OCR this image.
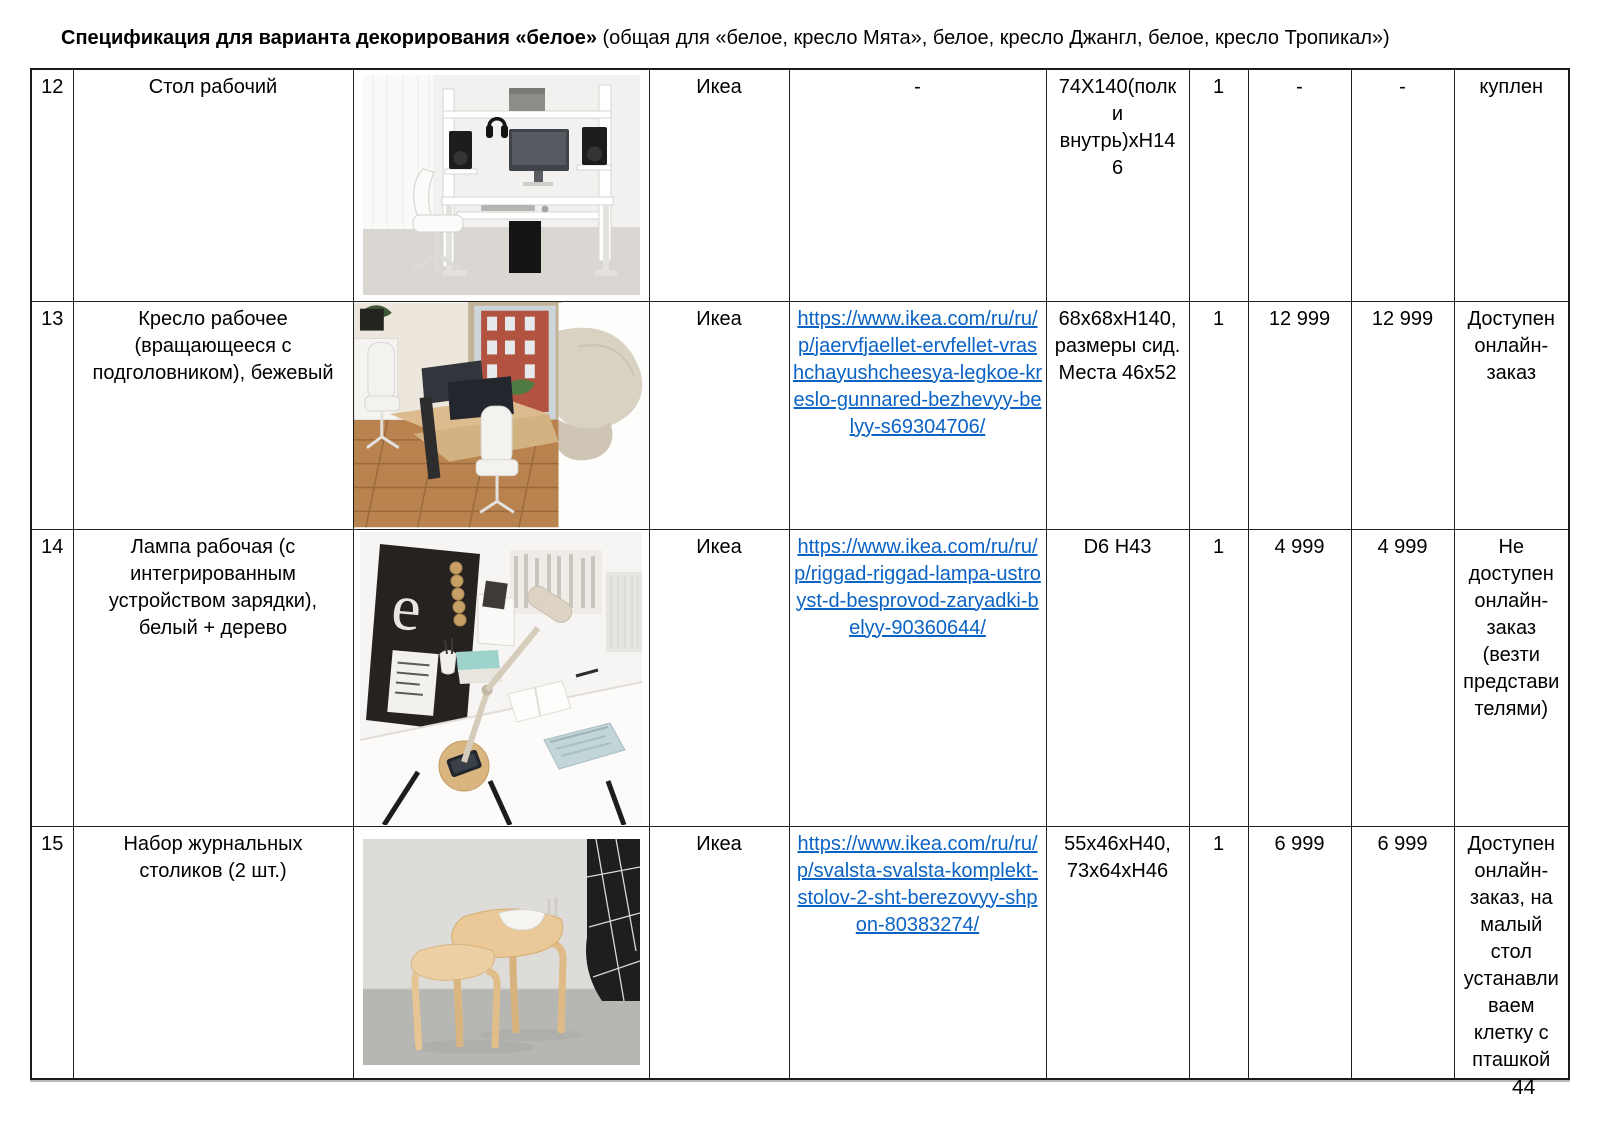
Спецификация для варианта декорирования «белое» (общая для «белое, кресло Мята», белое, кресло Джангл, белое, кресло Тропикал»)
12	Стол рабочий		Икеа	-	74Х140(полки внутрь)хН146	1	-	-	куплен
13	Кресло рабочее (вращающееся с подголовником), бежевый		Икеа	https://www.ikea.com/ru/ru/p/jaervfjaellet-ervfellet-vrashchayushcheesya-legkoe-kreslo-gunnared-bezhevyy-belyy-s69304706/	68х68хН140, размеры сид. Места 46х52	1	12 999	12 999	Доступен онлайн-заказ
14	Лампа рабочая (с интегрированным устройством зарядки), белый + дерево	e	Икеа	https://www.ikea.com/ru/ru/p/riggad-riggad-lampa-ustroyst-d-besprovod-zaryadki-belyy-90360644/	D6 H43	1	4 999	4 999	Не доступен онлайн-заказ (везти представителями)
15	Набор журнальных столиков (2 шт.)		Икеа	https://www.ikea.com/ru/ru/p/svalsta-svalsta-komplekt-stolov-2-sht-berezovyy-shpon-80383274/	55х46хН40, 73х64хН46	1	6 999	6 999	Доступен онлайн-заказ, на малый стол устанавливаем клетку с пташкой
44
